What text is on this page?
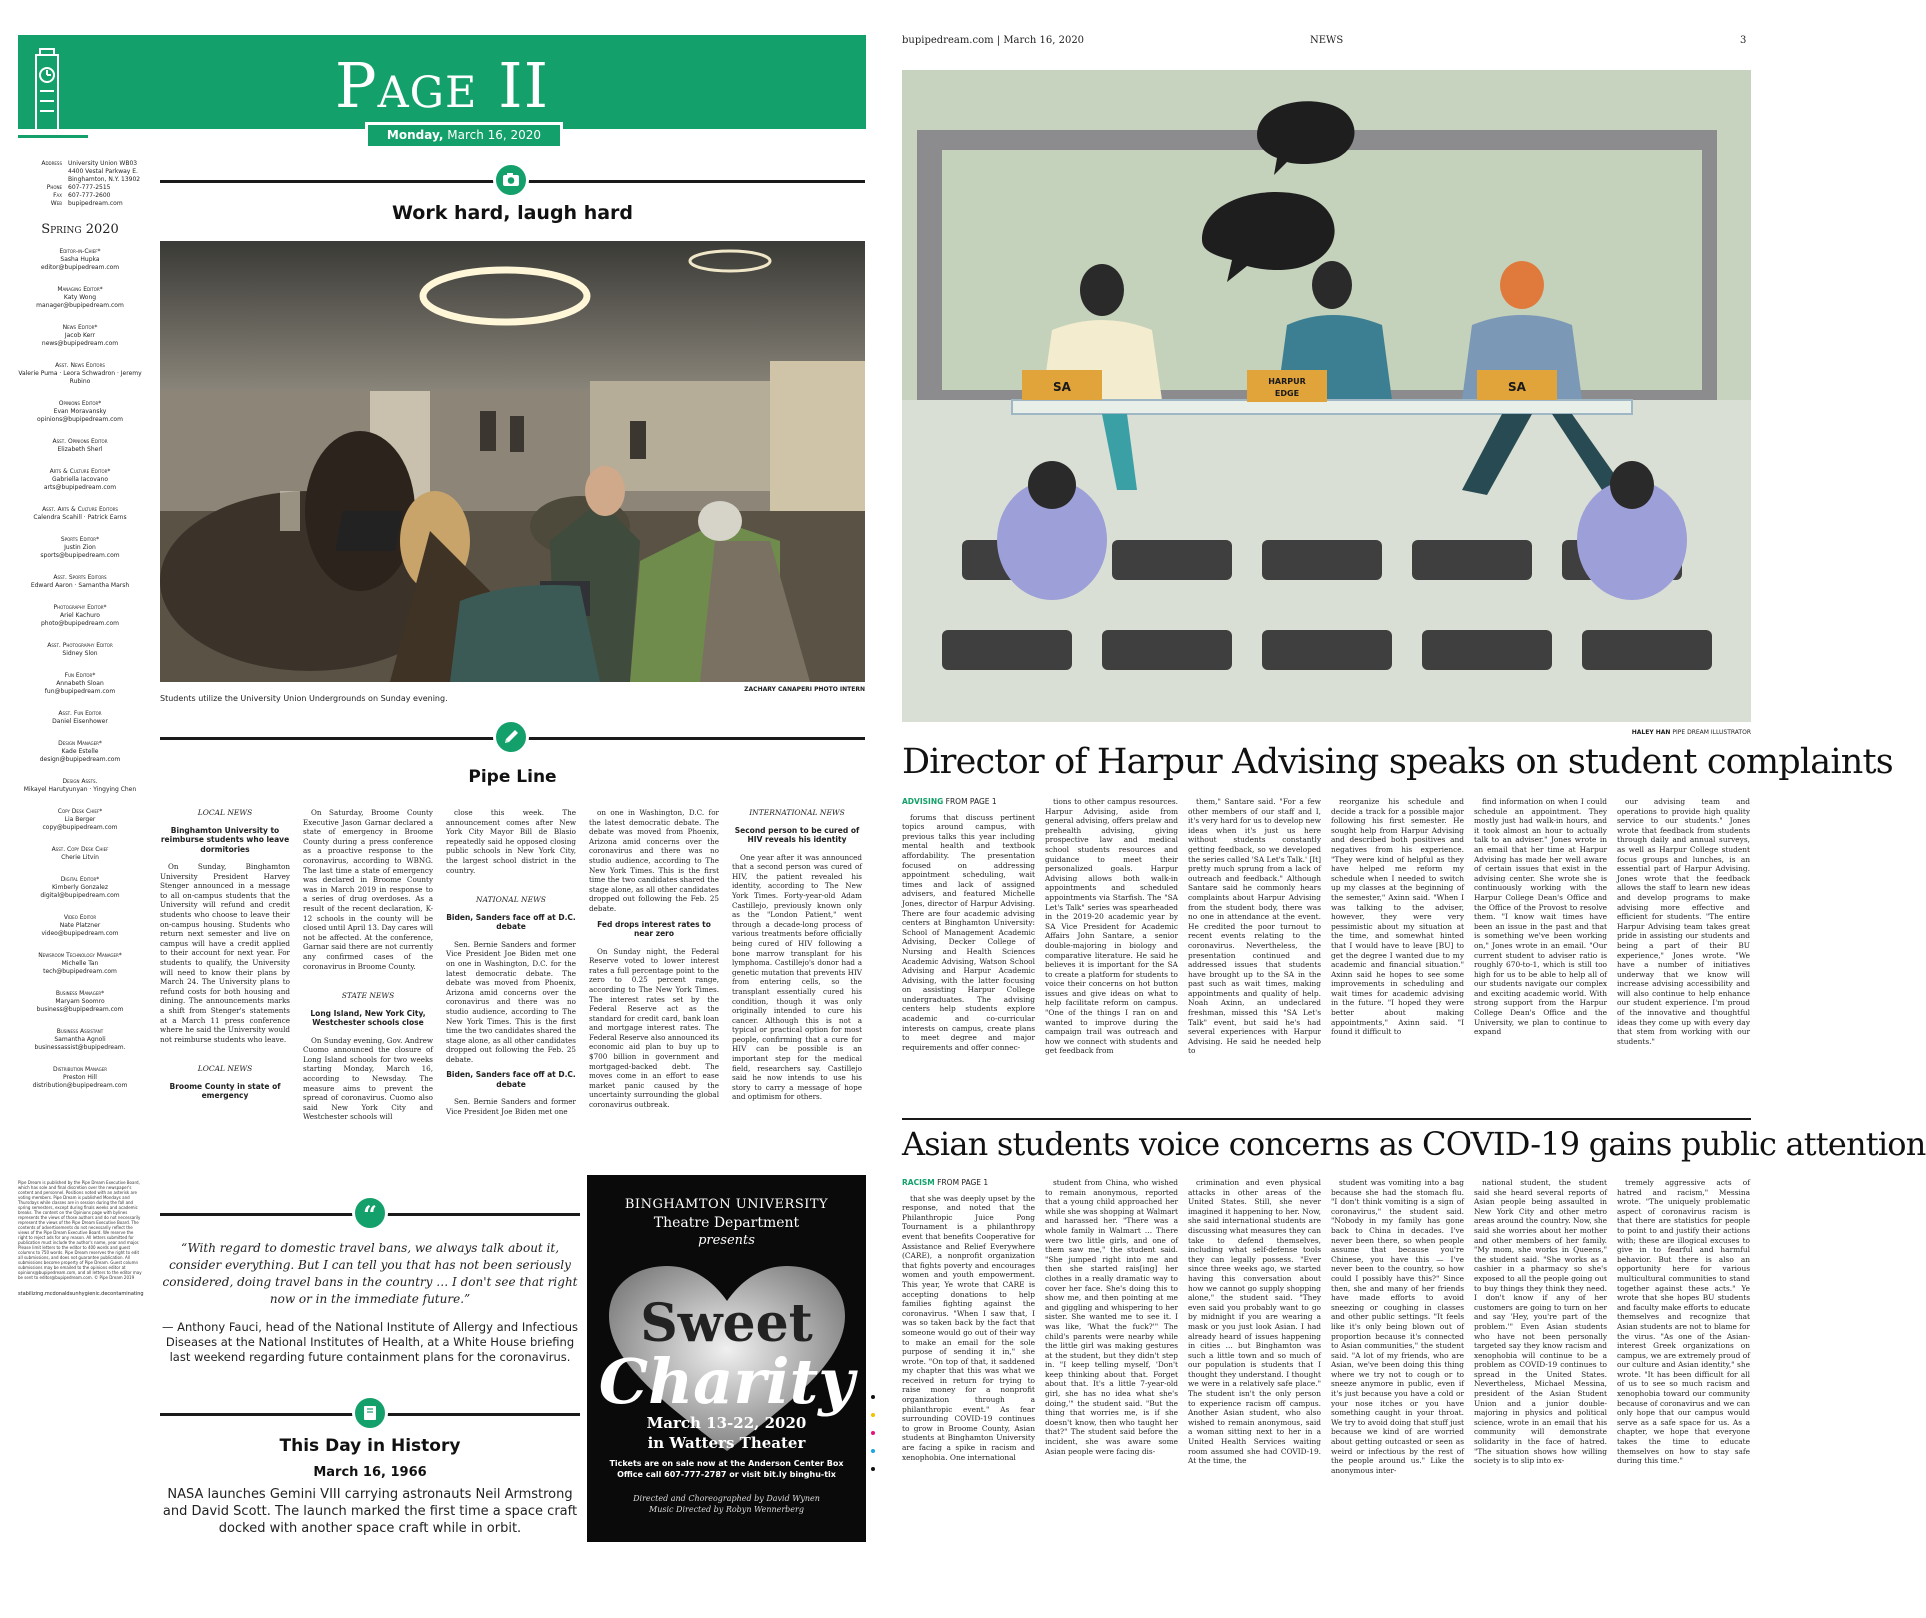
Page II
Monday, March 16, 2020
Address University Union WB03
4400 Vestal Parkway E.
Binghamton, N.Y. 13902
Phone 607-777-2515
Fax 607-777-2600
Web bupipedream.com
Spring 2020
Editor-in-Chief*
Sasha Hupka
editor@bupipedream.com
Managing Editor*
Katy Wong
manager@bupipedream.com
News Editor*
Jacob Kerr
news@bupipedream.com
Asst. News Editors
Valerie Puma · Leora Schwadron · Jeremy Rubino
Opinions Editor*
Evan Moravansky
opinions@bupipedream.com
Asst. Opinions Editor
Elizabeth Sherl
Arts & Culture Editor*
Gabriella Iacovano
arts@bupipedream.com
Asst. Arts & Culture Editors
Calendra Scahill · Patrick Earns
Sports Editor*
Justin Zion
sports@bupipedream.com
Asst. Sports Editors
Edward Aaron · Samantha Marsh
Photography Editor*
Ariel Kachuro
photo@bupipedream.com
Asst. Photography Editor
Sidney Slon
Fun Editor*
Annabeth Sloan
fun@bupipedream.com
Asst. Fun Editor
Daniel Eisenhower
Design Manager*
Kade Estelle
design@bupipedream.com
Design Assts.
Mikayel Harutyunyan · Yingying Chen
Copy Desk Chief*
Lia Berger
copy@bupipedream.com
Asst. Copy Desk Chief
Cherie Litvin
Digital Editor*
Kimberly Gonzalez
digital@bupipedream.com
Video Editor
Nate Platzner
video@bupipedream.com
Newsroom Technology Manager*
Michelle Tan
tech@bupipedream.com
Business Manager*
Maryam Soomro
business@bupipedream.com
Business Assistant
Samantha Agnoli
businessassist@bupipedream.
Distribution Manager
Preston Hill
distribution@bupipedream.com
Pipe Dream is published by the Pipe Dream Executive Board, which has sole and final discretion over the newspaper's content and personnel. Positions noted with an asterisk are voting members. Pipe Dream is published Mondays and Thursdays while classes are in session during the fall and spring semesters, except during finals weeks and academic breaks. The content on the Opinions page with bylines represents the views of those authors and do not necessarily represent the views of the Pipe Dream Executive Board. The contents of advertisements do not necessarily reflect the views of the Pipe Dream Executive Board. We reserve the right to reject ads for any reason. All letters submitted for publication must include the author's name, year and major. Please limit letters to the editor to 400 words and guest columns to 750 words. Pipe Dream reserves the right to edit all submissions, and does not guarantee publication. All submissions become property of Pipe Dream. Guest column submissions may be emailed to the opinions editor at opinions@bupipedream.com, and all letters to the editor may be sent to editor@bupipedream.com. © Pipe Dream 2019
stabilizing.mcdonalds unhygienic.decontaminating
Work hard, laugh hard
ZACHARY CANAPERI PHOTO INTERN
Students utilize the University Union Undergrounds on Sunday evening.
Pipe Line
LOCAL NEWS
Binghamton University to reimburse students who leave dormitories

On Sunday, Binghamton University President Harvey Stenger announced in a message to all on-campus students that the University will refund and credit students who choose to leave their on-campus housing. Students who return next semester and live on campus will have a credit applied to their account for next year. For students to qualify, the University will need to know their plans by March 24. The University plans to refund costs for both housing and dining. The announcements marks a shift from Stenger's statements at a March 11 press conference where he said the University would not reimburse students who leave.

LOCAL NEWS
Broome County in state of emergency

On Saturday, Broome County Executive Jason Garnar declared a state of emergency in Broome County during a press conference as a proactive response to the coronavirus, according to WBNG. The last time a state of emergency was declared in Broome County was in March 2019 in response to a series of drug overdoses. As a result of the recent declaration, K-12 schools in the county will be closed until April 13. Day cares will not be affected. At the conference, Garnar said there are not currently any confirmed cases of the coronavirus in Broome County.

STATE NEWS
Long Island, New York City, Westchester schools close

On Sunday evening, Gov. Andrew Cuomo announced the closure of Long Island schools for two weeks starting Monday, March 16, according to Newsday. The measure aims to prevent the spread of coronavirus. Cuomo also said New York City and Westchester schools will

close this week. The announcement comes after New York City Mayor Bill de Blasio repeatedly said he opposed closing public schools in New York City, the largest school district in the country.

NATIONAL NEWS
Biden, Sanders face off at D.C. debate

Sen. Bernie Sanders and former Vice President Joe Biden met one on one in Washington, D.C. for the latest democratic debate. The debate was moved from Phoenix, Arizona amid concerns over the coronavirus and there was no studio audience, according to The New York Times. This is the first time the two candidates shared the stage alone, as all other candidates dropped out following the Feb. 25 debate.

Biden, Sanders face off at D.C. debate

Sen. Bernie Sanders and former Vice President Joe Biden met one

on one in Washington, D.C. for the latest democratic debate. The debate was moved from Phoenix, Arizona amid concerns over the coronavirus and there was no studio audience, according to The New York Times. This is the first time the two candidates shared the stage alone, as all other candidates dropped out following the Feb. 25 debate.

Fed drops interest rates to near zero

On Sunday night, the Federal Reserve voted to lower interest rates a full percentage point to the zero to 0.25 percent range, according to The New York Times. The interest rates set by the Federal Reserve act as the standard for credit card, bank loan and mortgage interest rates. The Federal Reserve also announced its economic aid plan to buy up to $700 billion in government and mortgaged-backed debt. The moves come in an effort to ease market panic caused by the uncertainty surrounding the global coronavirus outbreak.

INTERNATIONAL NEWS
Second person to be cured of HIV reveals his identity

One year after it was announced that a second person was cured of HIV, the patient revealed his identity, according to The New York Times. Forty-year-old Adam Castillejo, previously known only as the "London Patient," went through a decade-long process of various treatments before officially being cured of HIV following a bone marrow transplant for his lymphoma. Castillejo's donor had a genetic mutation that prevents HIV from entering cells, so the transplant essentially cured his condition, though it was only originally intended to cure his cancer. Although this is not a typical or practical option for most people, confirming that a cure for HIV can be possible is an important step for the medical field, researchers say. Castillejo said he now intends to use his story to carry a message of hope and optimism for others.

“
“With regard to domestic travel bans, we always talk about it, consider everything. But I can tell you that has not been seriously considered, doing travel bans in the country … I don't see that right now or in the immediate future.”
— Anthony Fauci, head of the National Institute of Allergy and Infectious Diseases at the National Institutes of Health, at a White House briefing last weekend regarding future containment plans for the coronavirus.
This Day in History
March 16, 1966
NASA launches Gemini VIII carrying astronauts Neil Armstrong and David Scott. The launch marked the first time a space craft docked with another space craft while in orbit.
BINGHAMTON UNIVERSITY
Theatre Department
presents
Sweet
Charity
March 13-22, 2020
in Watters Theater
Tickets are on sale now at the Anderson Center Box Office call 607-777-2787 or visit bit.ly binghu-tix
Directed and Choreographed by David Wynen
Music Directed by Robyn Wennerberg
bupipedream.com | March 16, 2020	NEWS	3
SA	HARPUR
EDGE	SA
HALEY HAN PIPE DREAM ILLUSTRATOR
Director of Harpur Advising speaks on student complaints

ADVISING FROM PAGE 1

forums that discuss pertinent topics around campus, with previous talks this year including mental health and textbook affordability. The presentation focused on addressing appointment scheduling, wait times and lack of assigned advisers, and featured Michelle Jones, director of Harpur Advising. There are four academic advising centers at Binghamton University: School of Management Academic Advising, Decker College of Nursing and Health Sciences Academic Advising, Watson School Advising and Harpur Academic Advising, with the latter focusing on assisting Harpur College undergraduates. The advising centers help students explore academic and co-curricular interests on campus, create plans to meet degree and major requirements and offer connec-

tions to other campus resources. Harpur Advising, aside from general advising, offers prelaw and prehealth advising, giving prospective law and medical school students resources and guidance to meet their personalized goals. Harpur Advising allows both walk-in appointments and scheduled appointments via Starfish. The "SA Let's Talk" series was spearheaded in the 2019-20 academic year by SA Vice President for Academic Affairs John Santare, a senior double-majoring in biology and comparative literature. He said he believes it is important for the SA to create a platform for students to voice their concerns on hot button issues and give ideas on what to help facilitate reform on campus. "One of the things I ran on and wanted to improve during the campaign trail was outreach and how we connect with students and get feedback from

them," Santare said. "For a few other members of our staff and I, it's very hard for us to develop new ideas when it's just us here without students constantly getting feedback, so we developed the series called 'SA Let's Talk.' [It] pretty much sprung from a lack of outreach and feedback." Although Santare said he commonly hears complaints about Harpur Advising from the student body, there was no one in attendance at the event. He credited the poor turnout to recent events relating to the coronavirus. Nevertheless, the presentation continued and addressed issues that students have brought up to the SA in the past such as wait times, making appointments and quality of help. Noah Axinn, an undeclared freshman, missed this "SA Let's Talk" event, but said he's had several experiences with Harpur Advising. He said he needed help to

reorganize his schedule and decide a track for a possible major following his first semester. He sought help from Harpur Advising and described both positives and negatives from his experience. "They were kind of helpful as they have helped me reform my schedule when I needed to switch up my classes at the beginning of the semester," Axinn said. "When I was talking to the adviser, however, they were very pessimistic about my situation at the time, and somewhat hinted that I would have to leave [BU] to get the degree I wanted due to my academic and financial situation." Axinn said he hopes to see some improvements in scheduling and wait times for academic advising in the future. "I hoped they were better about making appointments," Axinn said. "I found it difficult to

find information on when I could schedule an appointment. They mostly just had walk-in hours, and it took almost an hour to actually talk to an adviser." Jones wrote in an email that her time at Harpur Advising has made her well aware of certain issues that exist in the advising center. She wrote she is continuously working with the Harpur College Dean's Office and the Office of the Provost to resolve them. "I know wait times have been an issue in the past and that is something we've been working on," Jones wrote in an email. "Our current student to adviser ratio is roughly 670-to-1, which is still too high for us to be able to help all of our students navigate our complex and exciting academic world. With strong support from the Harpur College Dean's Office and the University, we plan to continue to expand

our advising team and operations to provide high quality service to our students." Jones wrote that feedback from students through daily and annual surveys, as well as Harpur College student focus groups and lunches, is an essential part of Harpur Advising. Jones wrote that the feedback allows the staff to learn new ideas and develop programs to make advising more effective and efficient for students. "The entire Harpur Advising team takes great pride in assisting our students and being a part of their BU experience," Jones wrote. "We have a number of initiatives underway that we know will increase advising accessibility and will also continue to help enhance our student experience. I'm proud of the innovative and thoughtful ideas they come up with every day that stem from working with our students."

Asian students voice concerns as COVID-19 gains public attention

RACISM FROM PAGE 1

that she was deeply upset by the response, and noted that the Philanthropic Juice Pong Tournament is a philanthropy event that benefits Cooperative for Assistance and Relief Everywhere (CARE), a nonprofit organization that fights poverty and encourages women and youth empowerment. This year, Ye wrote that CARE is accepting donations to help families fighting against the coronavirus. "When I saw that, I was so taken back by the fact that someone would go out of their way to make an email for the sole purpose of sending it in," she wrote. "On top of that, it saddened my chapter that this was what we received in return for trying to raise money for a nonprofit organization through a philanthropic event." As fear surrounding COVID-19 continues to grow in Broome County, Asian students at Binghamton University are facing a spike in racism and xenophobia. One international

student from China, who wished to remain anonymous, reported that a young child approached her while she was shopping at Walmart and harassed her. "There was a whole family in Walmart … There were two little girls, and one of them saw me," the student said. "She jumped right into me and then she started rais[ing] her clothes in a really dramatic way to cover her face. She's doing this to show me, and then pointing at me and giggling and whispering to her sister. She wanted me to see it. I was like, 'What the fuck?'" The child's parents were nearby while the little girl was making gestures at the student, but they didn't step in. "I keep telling myself, 'Don't keep thinking about that. Forget about that. It's a little 7-year-old girl, she has no idea what she's doing,'" the student said. "But the thing that worries me, is if she doesn't know, then who taught her that?" The student said before the incident, she was aware some Asian people were facing dis-

crimination and even physical attacks in other areas of the United States. Still, she never imagined it happening to her. Now, she said international students are discussing what measures they can take to defend themselves, including what self-defense tools they can legally possess. "Ever since three weeks ago, we started having this conversation about how we cannot go supply shopping alone," the student said. "They even said you probably want to go by midnight if you are wearing a mask or you just look Asian. I had already heard of issues happening in cities … but Binghamton was such a little town and so much of our population is students that I thought they understand. I thought we were in a relatively safe place." The student isn't the only person to experience racism off campus. Another Asian student, who also wished to remain anonymous, said a woman sitting next to her in a United Health Services waiting room assumed she had COVID-19. At the time, the

student was vomiting into a bag because she had the stomach flu. "I don't think vomiting is a sign of coronavirus," the student said. "Nobody in my family has gone back to China in decades. I've never been there, so when people assume that because you're Chinese, you have this — I've never been to the country, so how could I possibly have this?" Since then, she and many of her friends have made efforts to avoid sneezing or coughing in classes and other public settings. "It feels like it's only being blown out of proportion because it's connected to Asian communities," the student said. "A lot of my friends, who are Asian, we've been doing this thing where we try not to cough or to sneeze anymore in public, even if it's just because you have a cold or your nose itches or you have something caught in your throat. We try to avoid doing that stuff just because we kind of are worried about getting outcasted or seen as weird or infectious by the rest of the people around us." Like the anonymous inter-

national student, the student said she heard several reports of Asian people being assaulted in New York City and other metro areas around the country. Now, she said she worries about her mother and other members of her family. "My mom, she works in Queens," the student said. "She works as a cashier in a pharmacy so she's exposed to all the people going out to buy things they think they need. I don't know if any of her customers are going to turn on her and say 'Hey, you're part of the problem.'" Even Asian students who have not been personally targeted say they know racism and xenophobia will continue to be a problem as COVID-19 continues to spread in the United States. Nevertheless, Michael Messina, president of the Asian Student Union and a junior double-majoring in physics and political science, wrote in an email that his community will demonstrate solidarity in the face of hatred. "The situation shows how willing society is to slip into ex-

tremely aggressive acts of hatred and racism," Messina wrote. "The uniquely problematic aspect of coronavirus racism is that there are statistics for people to point to and justify their actions with; these are illogical excuses to give in to fearful and harmful behavior. But there is also an opportunity here for various multicultural communities to stand together against these acts." Ye wrote that she hopes BU students and faculty make efforts to educate themselves and recognize that Asian students are not to blame for the virus. "As one of the Asian-interest Greek organizations on campus, we are extremely proud of our culture and Asian identity," she wrote. "It has been difficult for all of us to see so much racism and xenophobia toward our community because of coronavirus and we can only hope that our campus would serve as a safe space for us. As a chapter, we hope that everyone takes the time to educate themselves on how to stay safe during this time."
